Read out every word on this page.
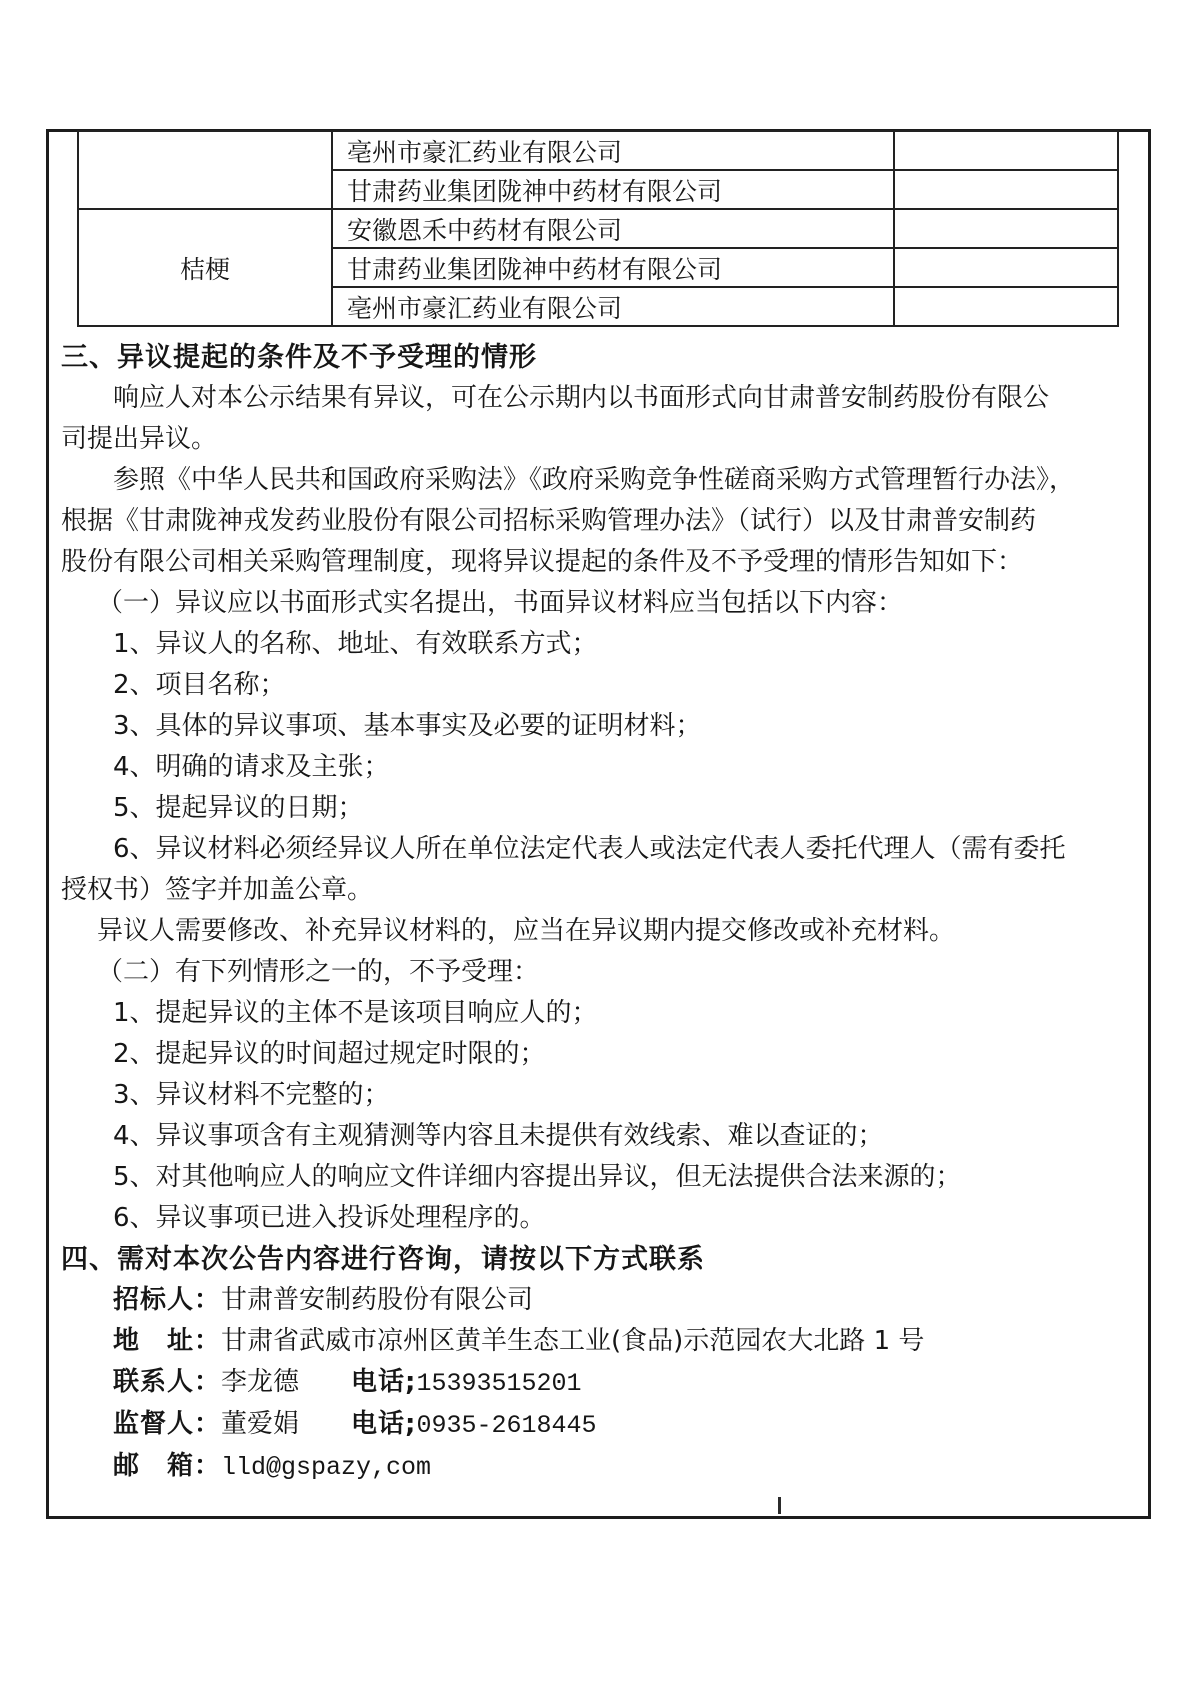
	亳州市豪汇药业有限公司	
	甘肃药业集团陇神中药材有限公司	
桔梗	安徽恩禾中药材有限公司	
	甘肃药业集团陇神中药材有限公司	
	亳州市豪汇药业有限公司	
三、异议提起的条件及不予受理的情形
响应人对本公示结果有异议，可在公示期内以书面形式向甘肃普安制药股份有限公
司提出异议。
参照《中华人民共和国政府采购法》《政府采购竞争性磋商采购方式管理暂行办法》，
根据《甘肃陇神戎发药业股份有限公司招标采购管理办法》（试行）以及甘肃普安制药
股份有限公司相关采购管理制度，现将异议提起的条件及不予受理的情形告知如下：
（一）异议应以书面形式实名提出，书面异议材料应当包括以下内容：
1、异议人的名称、地址、有效联系方式；
2、项目名称；
3、具体的异议事项、基本事实及必要的证明材料；
4、明确的请求及主张；
5、提起异议的日期；
6、异议材料必须经异议人所在单位法定代表人或法定代表人委托代理人（需有委托
授权书）签字并加盖公章。
异议人需要修改、补充异议材料的，应当在异议期内提交修改或补充材料。
（二）有下列情形之一的，不予受理：
1、提起异议的主体不是该项目响应人的；
2、提起异议的时间超过规定时限的；
3、异议材料不完整的；
4、异议事项含有主观猜测等内容且未提供有效线索、难以查证的；
5、对其他响应人的响应文件详细内容提出异议，但无法提供合法来源的；
6、异议事项已进入投诉处理程序的。
四、需对本次公告内容进行咨询，请按以下方式联系
招标人：甘肃普安制药股份有限公司
地　址：甘肃省武威市凉州区黄羊生态工业(食品)示范园农大北路 1 号
联系人：李龙德 电话;15393515201
监督人：董爱娟 电话;0935-2618445
邮　箱：lld@gspazy,com
